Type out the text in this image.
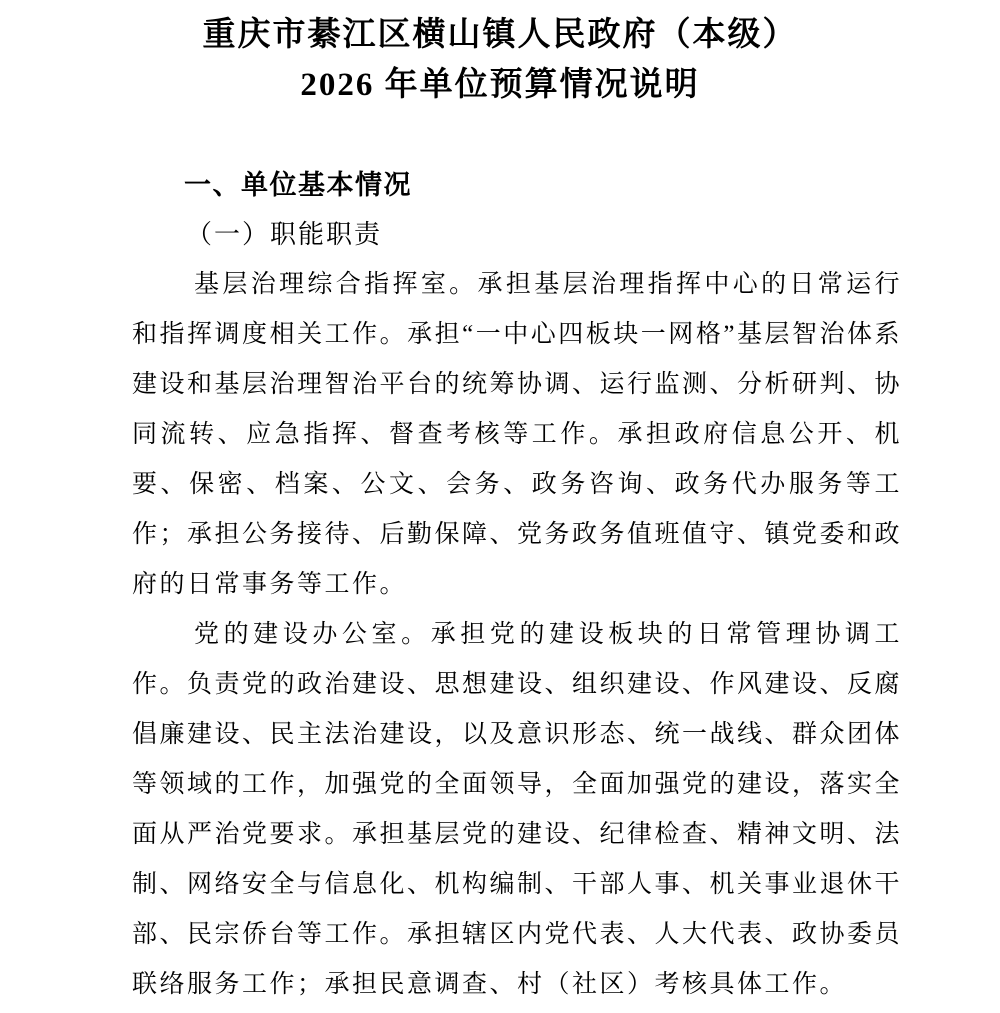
重庆市綦江区横山镇人民政府（本级）
2026 年单位预算情况说明
一、单位基本情况
（一）职能职责

基层治理综合指挥室。承担基层治理指挥中心的日常运行和指挥调度相关工作。承担“一中心四板块一网格”基层智治体系建设和基层治理智治平台的统筹协调、运行监测、分析研判、协同流转、应急指挥、督查考核等工作。承担政府信息公开、机要、保密、档案、公文、会务、政务咨询、政务代办服务等工作；承担公务接待、后勤保障、党务政务值班值守、镇党委和政府的日常事务等工作。

党的建设办公室。承担党的建设板块的日常管理协调工作。负责党的政治建设、思想建设、组织建设、作风建设、反腐倡廉建设、民主法治建设，以及意识形态、统一战线、群众团体等领域的工作，加强党的全面领导，全面加强党的建设，落实全面从严治党要求。承担基层党的建设、纪律检查、精神文明、法制、网络安全与信息化、机构编制、干部人事、机关事业退休干部、民宗侨台等工作。承担辖区内党代表、人大代表、政协委员联络服务工作；承担民意调查、村（社区）考核具体工作。
